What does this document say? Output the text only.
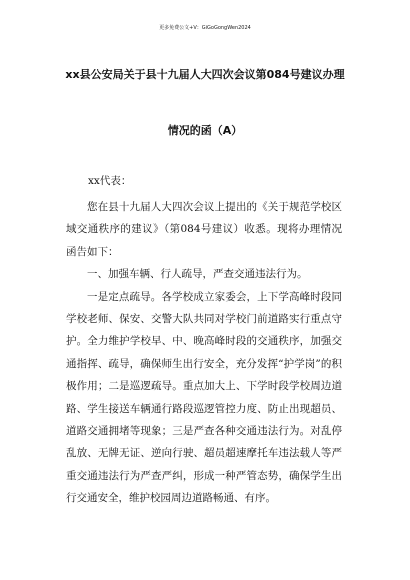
更多免费公文+V：GiGoGongWen2024
xx县公安局关于县十九届人大四次会议第084号建议办理
情况的函（A）
xx代表：

您在县十九届人大四次会议上提出的《关于规范学校区域交通秩序的建议》（第084号建议）收悉。现将办理情况函告如下：

一、加强车辆、行人疏导，严查交通违法行为。

一是定点疏导。各学校成立家委会，上下学高峰时段同学校老师、保安、交警大队共同对学校门前道路实行重点守护。全力维护学校早、中、晚高峰时段的交通秩序，加强交通指挥、疏导，确保师生出行安全，充分发挥“护学岗”的积极作用；二是巡逻疏导。重点加大上、下学时段学校周边道路、学生接送车辆通行路段巡逻管控力度、防止出现超员、道路交通拥堵等现象；三是严查各种交通违法行为。对乱停乱放、无牌无证、逆向行驶、超员超速摩托车违法载人等严重交通违法行为严查严纠，形成一种严管态势，确保学生出行交通安全，维护校园周边道路畅通、有序。
